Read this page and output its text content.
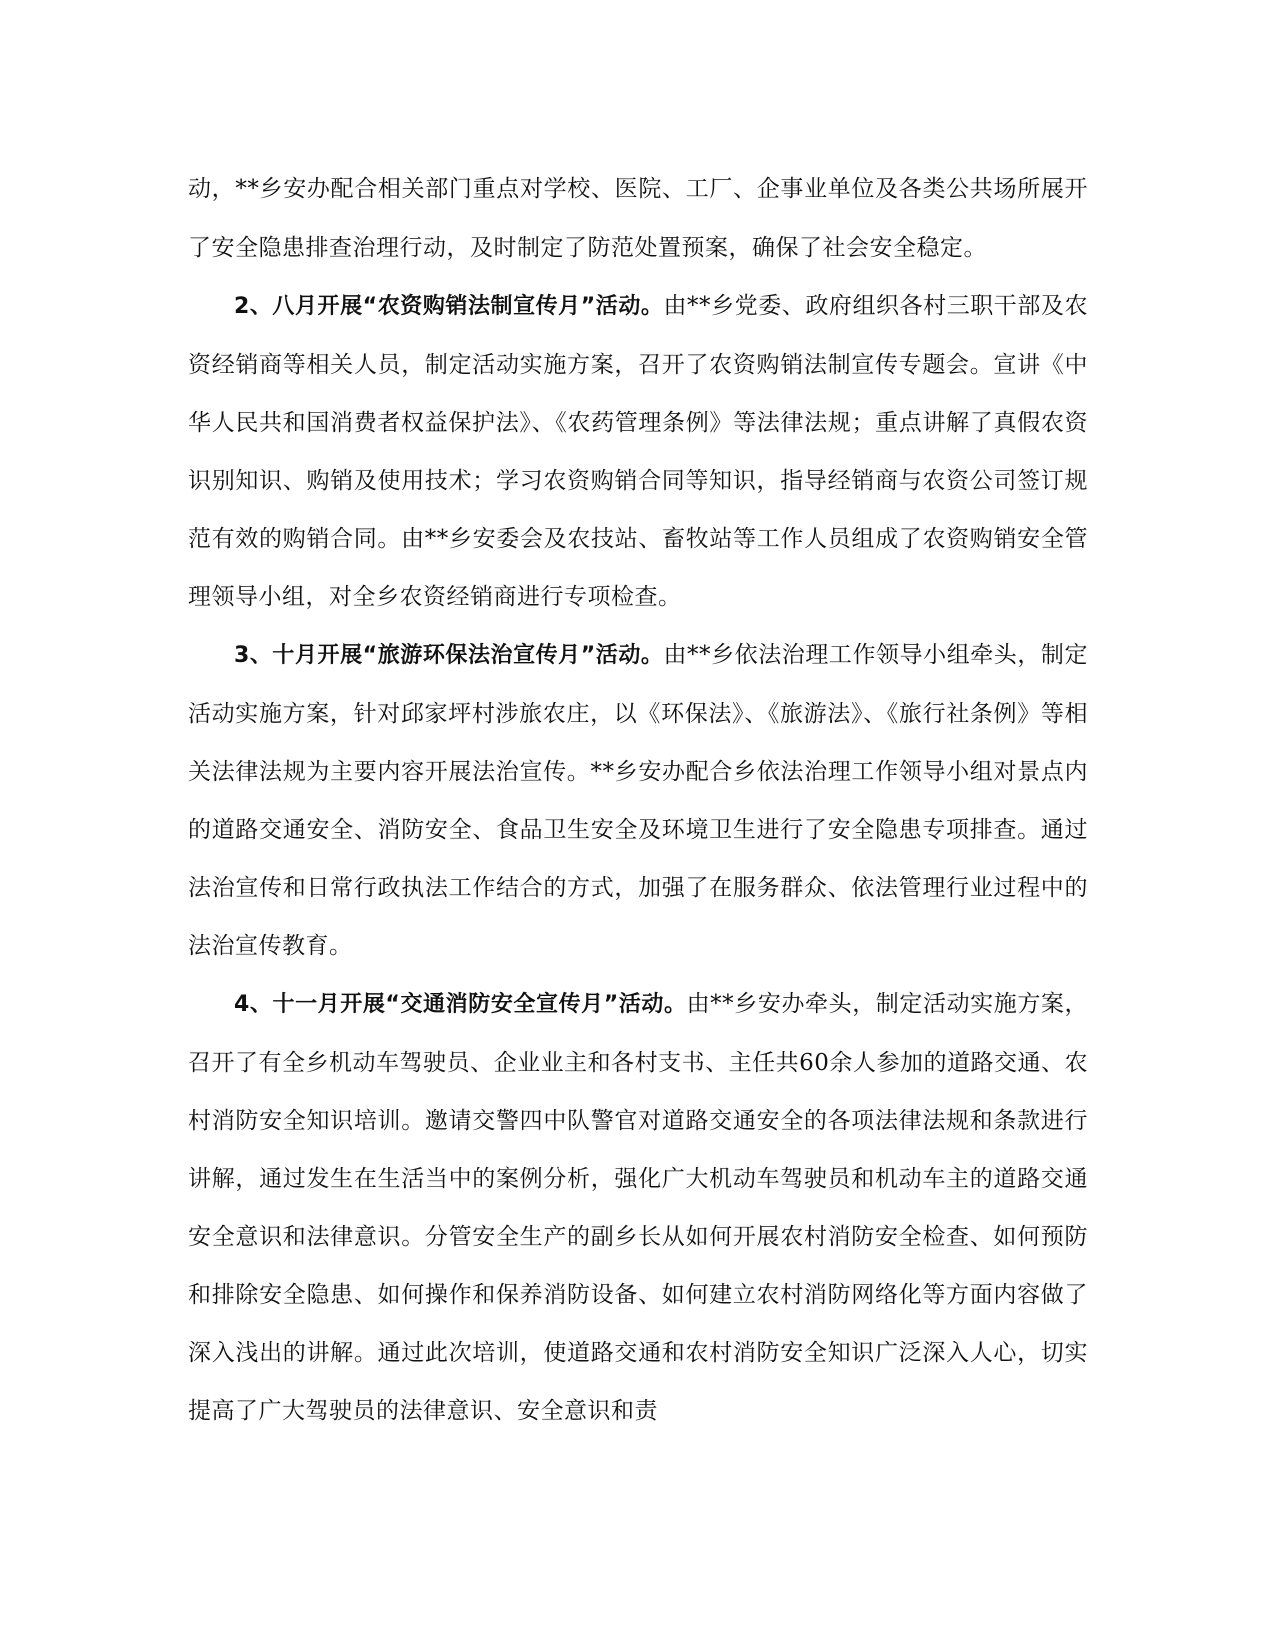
动，**乡安办配合相关部门重点对学校、医院、工厂、企事业单位及各类公共场所展开了安全隐患排查治理行动，及时制定了防范处置预案，确保了社会安全稳定。

2、八月开展“农资购销法制宣传月”活动。由**乡党委、政府组织各村三职干部及农资经销商等相关人员，制定活动实施方案，召开了农资购销法制宣传专题会。宣讲《中华人民共和国消费者权益保护法》、《农药管理条例》等法律法规；重点讲解了真假农资识别知识、购销及使用技术；学习农资购销合同等知识，指导经销商与农资公司签订规范有效的购销合同。由**乡安委会及农技站、畜牧站等工作人员组成了农资购销安全管理领导小组，对全乡农资经销商进行专项检查。

3、十月开展“旅游环保法治宣传月”活动。由**乡依法治理工作领导小组牵头，制定活动实施方案，针对邱家坪村涉旅农庄，以《环保法》、《旅游法》、《旅行社条例》等相关法律法规为主要内容开展法治宣传。**乡安办配合乡依法治理工作领导小组对景点内的道路交通安全、消防安全、食品卫生安全及环境卫生进行了安全隐患专项排查。通过法治宣传和日常行政执法工作结合的方式，加强了在服务群众、依法管理行业过程中的法治宣传教育。

4、十一月开展“交通消防安全宣传月”活动。由**乡安办牵头，制定活动实施方案，召开了有全乡机动车驾驶员、企业业主和各村支书、主任共60余人参加的道路交通、农村消防安全知识培训。邀请交警四中队警官对道路交通安全的各项法律法规和条款进行讲解，通过发生在生活当中的案例分析，强化广大机动车驾驶员和机动车主的道路交通安全意识和法律意识。分管安全生产的副乡长从如何开展农村消防安全检查、如何预防和排除安全隐患、如何操作和保养消防设备、如何建立农村消防网络化等方面内容做了深入浅出的讲解。通过此次培训，使道路交通和农村消防安全知识广泛深入人心，切实提高了广大驾驶员的法律意识、安全意识和责
